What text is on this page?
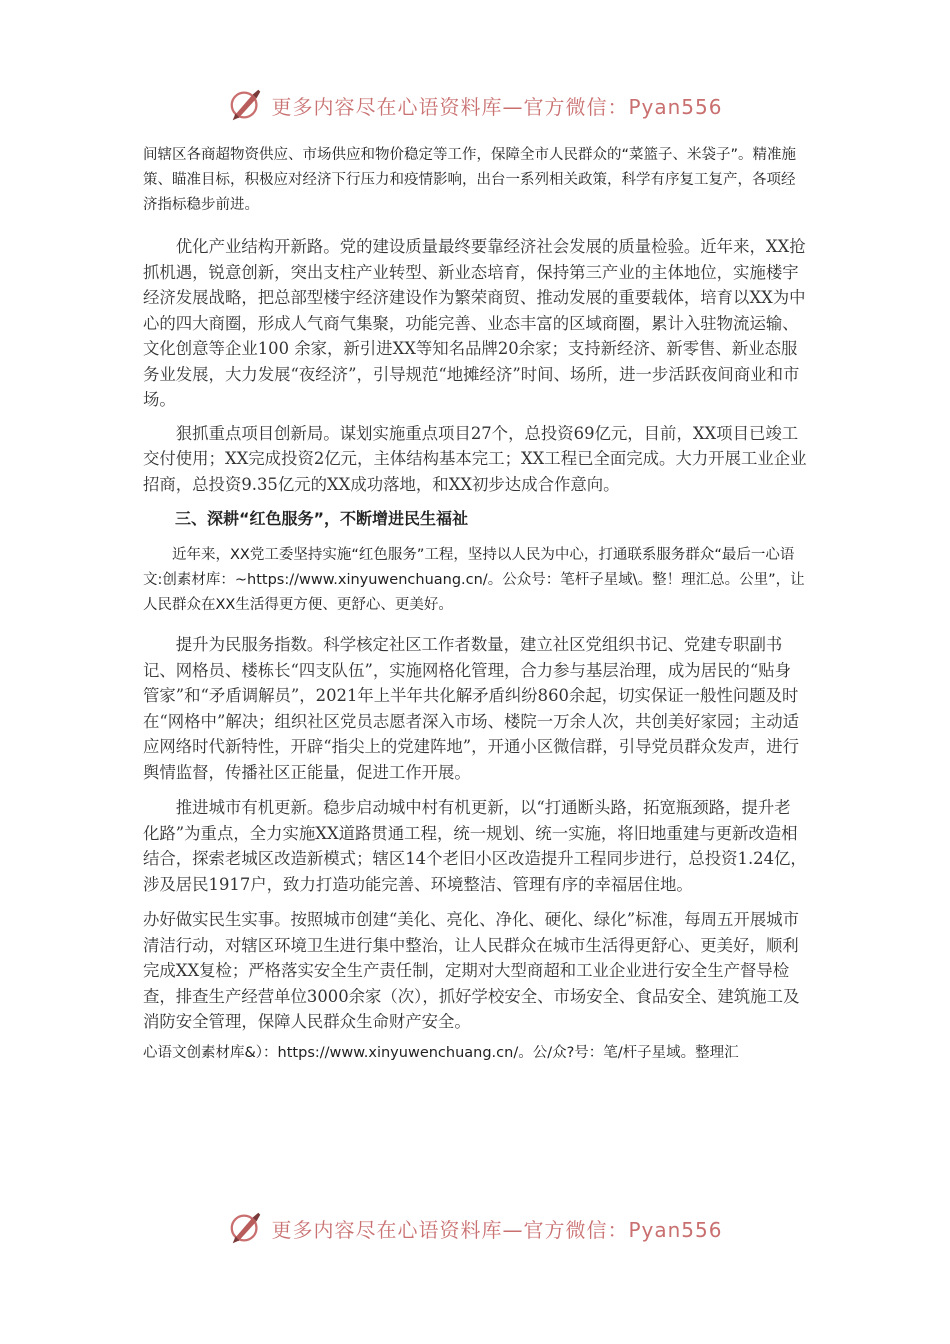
更多内容尽在心语资料库—官方微信：Pyan556

间辖区各商超物资供应、市场供应和物价稳定等工作，保障全市人民群众的“菜篮子、米袋子”。精准施策、瞄准目标，积极应对经济下行压力和疫情影响，出台一系列相关政策，科学有序复工复产，各项经济指标稳步前进。

优化产业结构开新路。党的建设质量最终要靠经济社会发展的质量检验。近年来，XX抢抓机遇，锐意创新，突出支柱产业转型、新业态培育，保持第三产业的主体地位，实施楼宇经济发展战略，把总部型楼宇经济建设作为繁荣商贸、推动发展的重要载体，培育以XX为中心的四大商圈，形成人气商气集聚，功能完善、业态丰富的区域商圈，累计入驻物流运输、文化创意等企业100 余家，新引进XX等知名品牌20余家；支持新经济、新零售、新业态服务业发展，大力发展“夜经济”，引导规范“地摊经济”时间、场所，进一步活跃夜间商业和市场。

狠抓重点项目创新局。谋划实施重点项目27个，总投资69亿元，目前，XX项目已竣工交付使用；XX完成投资2亿元，主体结构基本完工；XX工程已全面完成。大力开展工业企业招商，总投资9.35亿元的XX成功落地，和XX初步达成合作意向。

三、深耕“红色服务”，不断增进民生福祉

近年来，XX党工委坚持实施“红色服务”工程，坚持以人民为中心，打通联系服务群众“最后一心语文:创素材库：~https://www.xinyuwenchuang.cn/。公众号：笔杆子星域\。整！理汇总。公里”，让人民群众在XX生活得更方便、更舒心、更美好。

提升为民服务指数。科学核定社区工作者数量，建立社区党组织书记、党建专职副书记、网格员、楼栋长“四支队伍”，实施网格化管理，合力参与基层治理，成为居民的“贴身管家”和“矛盾调解员”，2021年上半年共化解矛盾纠纷860余起，切实保证一般性问题及时在“网格中”解决；组织社区党员志愿者深入市场、楼院一万余人次，共创美好家园；主动适应网络时代新特性，开辟“指尖上的党建阵地”，开通小区微信群，引导党员群众发声，进行舆情监督，传播社区正能量，促进工作开展。

推进城市有机更新。稳步启动城中村有机更新，以“打通断头路，拓宽瓶颈路，提升老化路”为重点，全力实施XX道路贯通工程，统一规划、统一实施，将旧地重建与更新改造相结合，探索老城区改造新模式；辖区14个老旧小区改造提升工程同步进行，总投资1.24亿，涉及居民1917户，致力打造功能完善、环境整洁、管理有序的幸福居住地。

办好做实民生实事。按照城市创建“美化、亮化、净化、硬化、绿化”标准，每周五开展城市清洁行动，对辖区环境卫生进行集中整治，让人民群众在城市生活得更舒心、更美好，顺利完成XX复检；严格落实安全生产责任制，定期对大型商超和工业企业进行安全生产督导检查，排查生产经营单位3000余家（次），抓好学校安全、市场安全、食品安全、建筑施工及消防安全管理，保障人民群众生命财产安全。

心语文创素材库&）：https://www.xinyuwenchuang.cn/。公/众?号：笔/杆子星域。整理汇

更多内容尽在心语资料库—官方微信：Pyan556
